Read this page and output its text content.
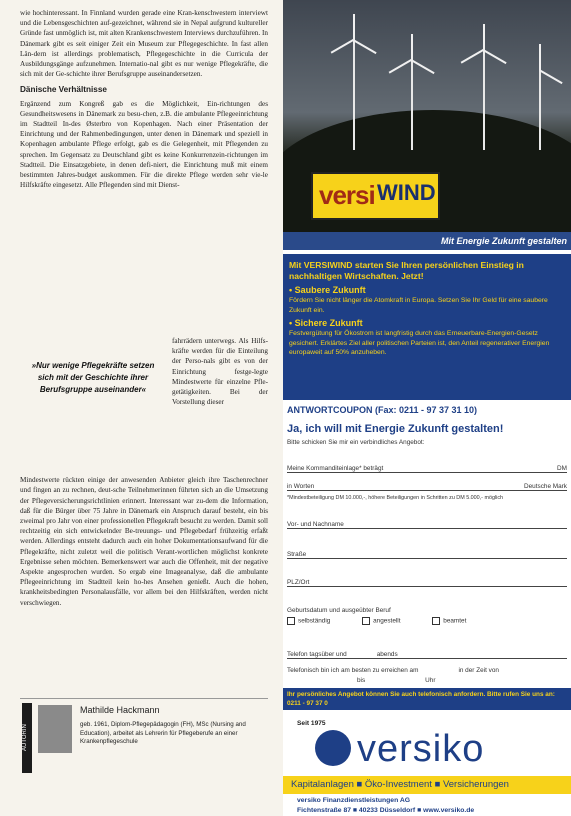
wie hochinteressant. In Finnland wurden gerade eine Kran-kenschwestern interviewt und die Lebensgeschichten auf-gezeichnet, während sie in Nepal aufgrund kultureller Gründe fast unmöglich ist, mit alten Krankenschwestern Interviews durchzuführen. In Dänemark gibt es seit einiger Zeit ein Museum zur Pflegegeschichte. In fast allen Län-dern ist allerdings problematisch, Pflegegeschichte in die Curricula der Ausbildungsgänge aufzunehmen. Internatio-nal gibt es nur wenige Pflegekräfte, die sich mit der Ge-schichte ihrer Berufsgruppe auseinandersetzen.

Dänische Verhältnisse

Ergänzend zum Kongreß gab es die Möglichkeit, Ein-richtungen des Gesundheitswesens in Dänemark zu besu-chen, z.B. die ambulante Pflegeeinrichtung im Stadtteil In-des Østerbro von Kopenhagen. Nach einer Präsentation der Einrichtung und der Rahmenbedingungen, unter denen in Dänemark und speziell in Kopenhagen ambulante Pflege erfolgt, gab es die Gelegenheit, mit Pflegenden zu sprechen. Im Gegensatz zu Deutschland gibt es keine Konkurrenzein-richtungen im Stadtteil. Die Einsatzgebiete, in denen defi-niert, die Einrichtung muß mit einem bestimmten Jahres-budget auskommen. Für die direkte Pflege werden sehr vie-le Hilfskräfte eingesetzt. Alle Pflegenden sind mit Dienst-

»Nur wenige Pflegekräfte setzen sich mit der Geschichte ihrer Berufsgruppe auseinander«
fahrrädern unterwegs. Als Hilfs-kräfte werden für die Einteilung der Perso-nals gibt es von der Einrichtung festge-legte Mindestwerte für einzelne Pfle-getätigkeiten. Bei der Vorstellung dieser

Mindestwerte rückten einige der anwesenden Anbieter gleich ihre Taschenrechner und fingen an zu rechnen, deut-sche Teilnehmerinnen führten sich an die Umsetzung der Pflegeversicherungsrichtlinien erinnert. Interessant war zu-dem die Information, daß für die Bürger über 75 Jahre in Dänemark ein Anspruch darauf besteht, ein bis zweimal pro Jahr von einer professionellen Pflegekraft besucht zu werden. Damit soll rechtzeitig ein sich entwickelnder Be-treuungs- und Pflegebedarf frühzeitig erfaßt werden. Allerdings entsteht dadurch auch ein hoher Dokumentationsaufwand für die Pflegekräfte, nicht zuletzt weil die politisch Verant-wortlichen möglichst konkrete Ergebnisse sehen möchten. Bemerkenswert war auch die Offenheit, mit der negative Aspekte angesprochen wurden. So ergab eine Imageanalyse, daß die ambulante Pflegeeinrichtung im Stadtteil kein ho-hes Ansehen genießt. Auch die hohen, krankheitsbedingten Personalausfälle, vor allem bei den Hilfskräften, werden nicht verschwiegen.

AUTORIN
Mathilde Hackmann
geb. 1961, Diplom-Pflegepädagogin (FH), MSc (Nursing and Education), arbeitet als Lehrerin für Pflegeberufe an einer Krankenpflegeschule
versi WIND
Mit Energie Zukunft gestalten
Mit VERSIWIND starten Sie Ihren persönlichen Einstieg in nachhaltigen Wirtschaften. Jetzt!
• Saubere Zukunft
Fördern Sie nicht länger die Atomkraft in Europa. Setzen Sie Ihr Geld für eine saubere Zukunft ein.
• Sichere Zukunft
Festvergütung für Ökostrom ist langfristig durch das Erneuerbare-Energien-Gesetz gesichert. Erklärtes Ziel aller politischen Parteien ist, den Anteil regenerativer Energien europaweit auf 50% anzuheben.
ANTWORTCOUPON (Fax: 0211 - 97 37 31 10)
Ja, ich will mit Energie Zukunft gestalten!
Bitte schicken Sie mir ein verbindliches Angebot:
Meine Kommanditeinlage* beträgt	DM
in Worten	Deutsche Mark
*Mindestbeteiligung DM 10.000,-, höhere Beteiligungen in Schritten zu DM 5.000,- möglich
Vor- und Nachname
Straße
PLZ/Ort
Geburtsdatum und ausgeübter Beruf
selbständig	angestellt	beamtet
Telefon tagsüber und	abends
Telefonisch bin ich am besten zu erreichen am	in der Zeit von
bis	Uhr
Ihr persönliches Angebot können Sie auch telefonisch anfordern. Bitte rufen Sie uns an: 0211 - 97 37 0
Seit 1975
versiko
Kapitalanlagen ■ Öko-Investment ■ Versicherungen
versiko Finanzdienstleistungen AG
Fichtenstraße 87 ■ 40233 Düsseldorf ■ www.versiko.de
